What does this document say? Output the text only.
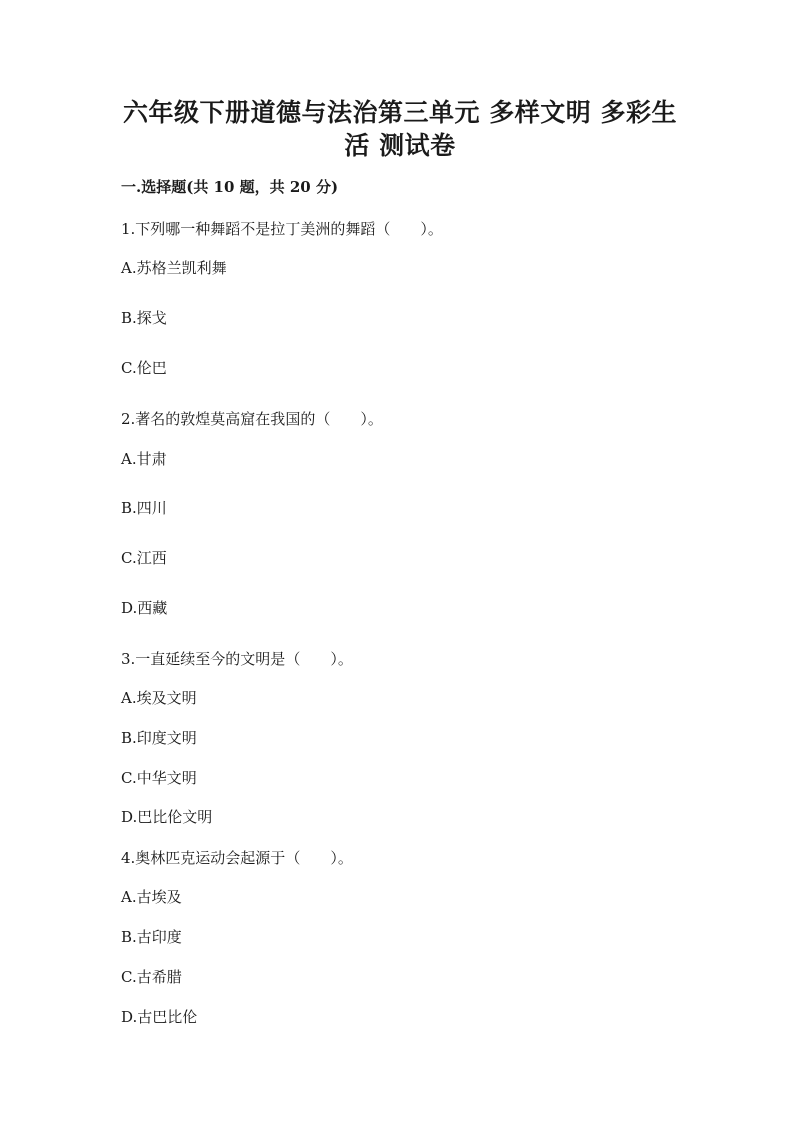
六年级下册道德与法治第三单元 多样文明 多彩生
活 测试卷
一.选择题(共 10 题，共 20 分)
1.下列哪一种舞蹈不是拉丁美洲的舞蹈（　　）。
A.苏格兰凯利舞
B.探戈
C.伦巴
2.著名的敦煌莫高窟在我国的（　　）。
A.甘肃
B.四川
C.江西
D.西藏
3.一直延续至今的文明是（　　）。
A.埃及文明
B.印度文明
C.中华文明
D.巴比伦文明
4.奥林匹克运动会起源于（　　）。
A.古埃及
B.古印度
C.古希腊
D.古巴比伦
